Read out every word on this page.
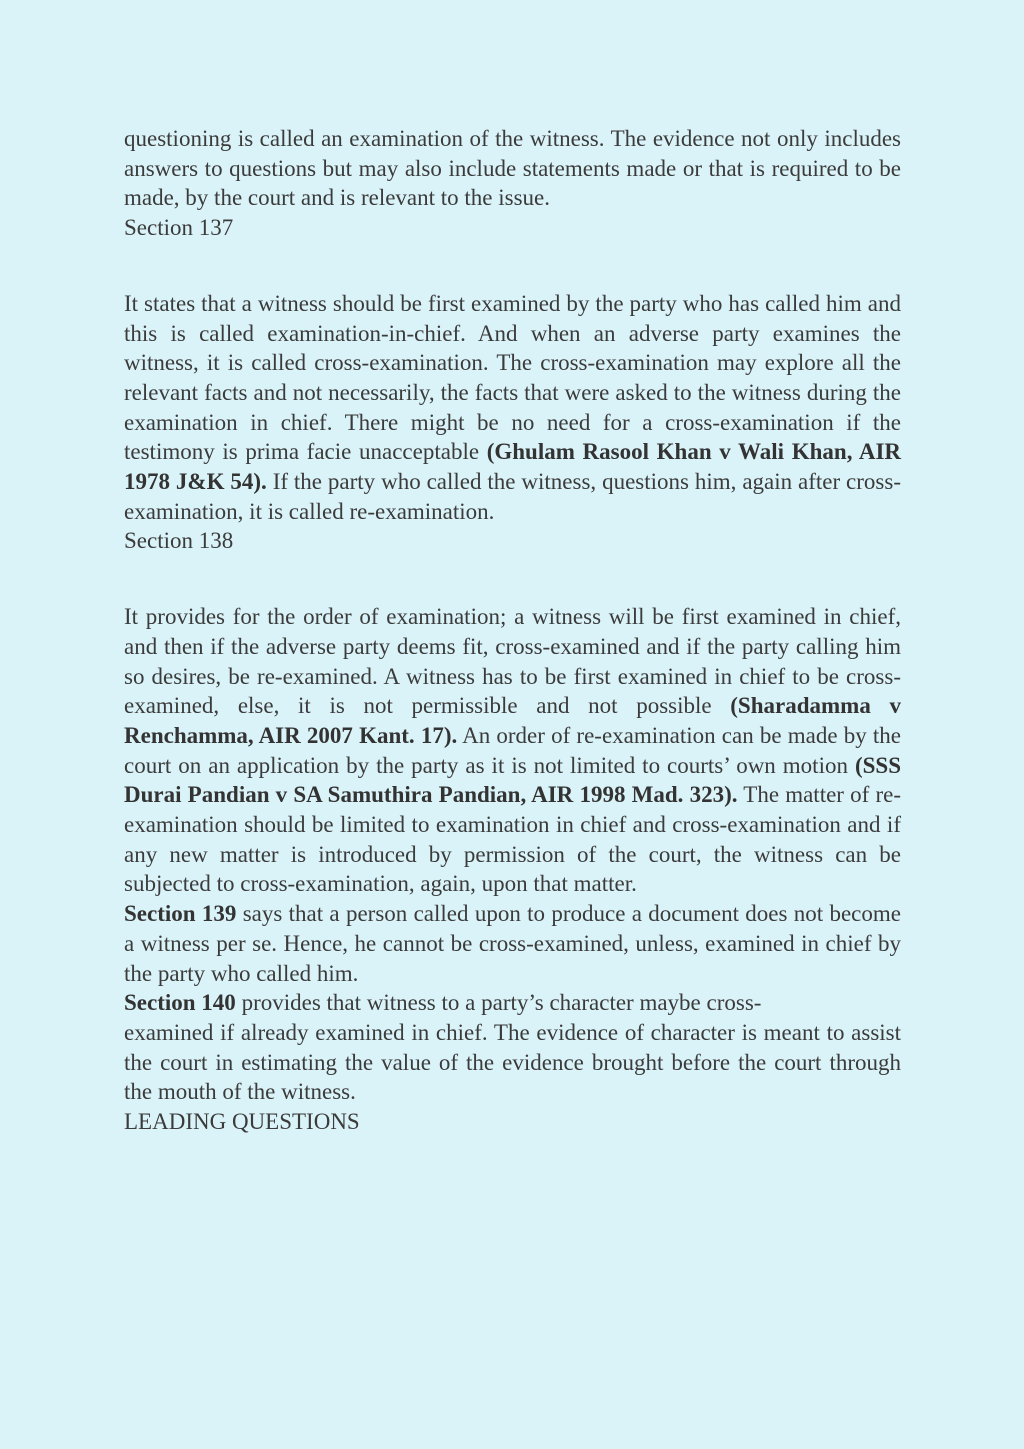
questioning is called an examination of the witness. The evidence not only includes answers to questions but may also include statements made or that is required to be made, by the court and is relevant to the issue.

Section 137

It states that a witness should be first examined by the party who has called him and this is called examination-in-chief. And when an adverse party examines the witness, it is called cross-examination. The cross-examination may explore all the relevant facts and not necessarily, the facts that were asked to the witness during the examination in chief. There might be no need for a cross-examination if the testimony is prima facie unacceptable (Ghulam Rasool Khan v Wali Khan, AIR 1978 J&K 54). If the party who called the witness, questions him, again after cross-examination, it is called re-examination.

Section 138

It provides for the order of examination; a witness will be first examined in chief, and then if the adverse party deems fit, cross-examined and if the party calling him so desires, be re-examined. A witness has to be first examined in chief to be cross-examined, else, it is not permissible and not possible (Sharadamma v Renchamma, AIR 2007 Kant. 17). An order of re-examination can be made by the court on an application by the party as it is not limited to courts’ own motion (SSS Durai Pandian v SA Samuthira Pandian, AIR 1998 Mad. 323). The matter of re-examination should be limited to examination in chief and cross-examination and if any new matter is introduced by permission of the court, the witness can be subjected to cross-examination, again, upon that matter.

Section 139 says that a person called upon to produce a document does not become a witness per se. Hence, he cannot be cross-examined, unless, examined in chief by the party who called him.

Section 140 provides that witness to a party’s character maybe cross-

examined if already examined in chief. The evidence of character is meant to assist the court in estimating the value of the evidence brought before the court through the mouth of the witness.

LEADING QUESTIONS
